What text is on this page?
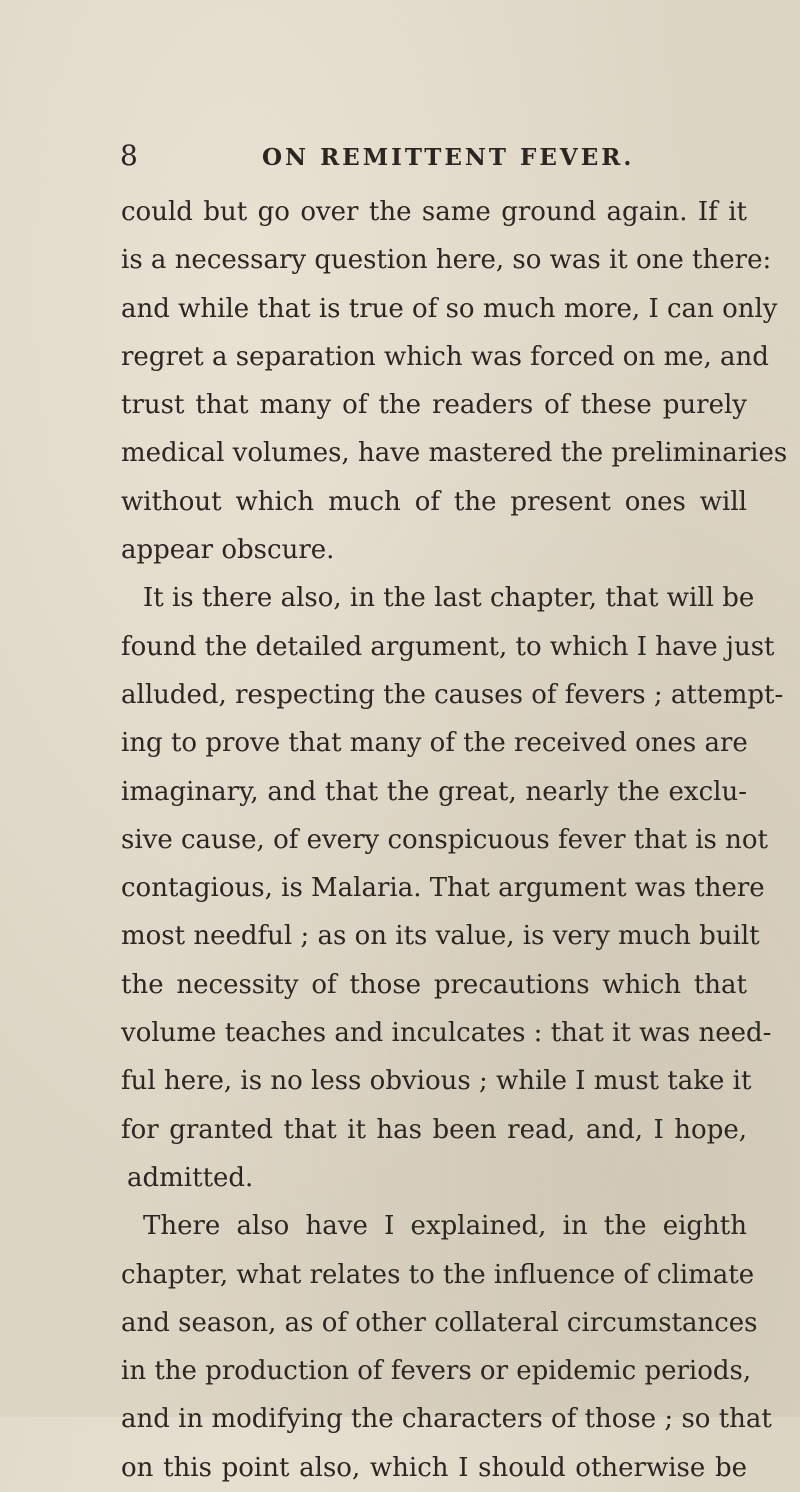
8	ON REMITTENT FEVER.
could but go over the same ground again. If it
is a necessary question here, so was it one there:
and while that is true of so much more, I can only
regret a separation which was forced on me, and
trust that many of the readers of these purely
medical volumes, have mastered the preliminaries
without which much of the present ones will
appear obscure.
It is there also, in the last chapter, that will be
found the detailed argument, to which I have just
alluded, respecting the causes of fevers ; attempt-
ing to prove that many of the received ones are
imaginary, and that the great, nearly the exclu-
sive cause, of every conspicuous fever that is not
contagious, is Malaria. That argument was there
most needful ; as on its value, is very much built
the necessity of those precautions which that
volume teaches and inculcates : that it was need-
ful here, is no less obvious ; while I must take it
for granted that it has been read, and, I hope,
admitted.
There also have I explained, in the eighth
chapter, what relates to the influence of climate
and season, as of other collateral circumstances
in the production of fevers or epidemic periods,
and in modifying the characters of those ; so that
on this point also, which I should otherwise be
